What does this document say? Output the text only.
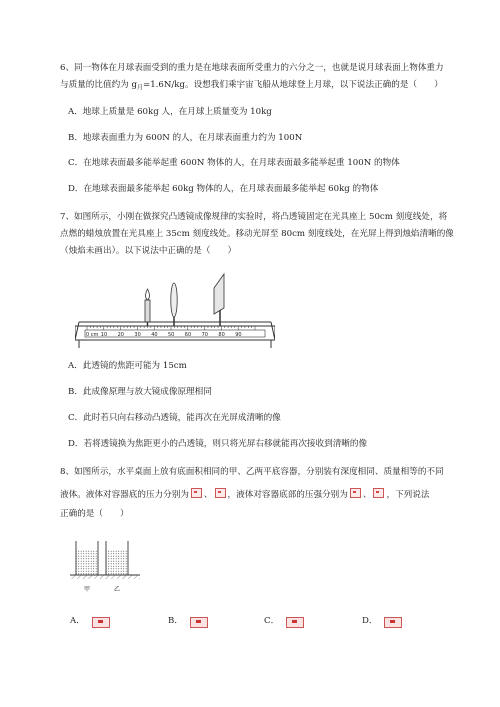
6、同一物体在月球表面受到的重力是在地球表面所受重力的六分之一，也就是说月球表面上物体重力
与质量的比值约为 $g_月=1.6N/kg$。设想我们乘宇宙飞船从地球登上月球，以下说法正确的是（　　）
A．地球上质量是 60kg 人，在月球上质量变为 10kg
B．地球表面重力为 600N 的人，在月球表面重力约为 100N
C．在地球表面最多能举起重 600N 物体的人，在月球表面最多能举起重 100N 的物体
D．在地球表面最多能举起 60kg 物体的人，在月球表面最多能举起 60kg 的物体
7、如图所示，小刚在做探究凸透镜成像规律的实验时，将凸透镜固定在光具座上 50cm 刻度线处，将
点燃的蜡烛放置在光具座上 35cm 刻度线处。移动光屏至 80cm 刻度线处，在光屏上得到烛焰清晰的像
（烛焰未画出）。以下说法中正确的是（　　）
0 cm 10 20 30 40 50 60 70 80 90
A．此透镜的焦距可能为 15cm
B．此成像原理与放大镜成像原理相同
C．此时若只向右移动凸透镜，能再次在光屏成清晰的像
D．若将透镜换为焦距更小的凸透镜，则只将光屏右移就能再次接收到清晰的像
8、如图所示，水平桌面上放有底面积相同的甲、乙两平底容器，分别装有深度相同、质量相等的不同
液体。液体对容器底的压力分别为 、 ，液体对容器底部的压强分别为 、 ，下列说法
正确的是（　　）
甲	乙
A．	B．	C．	D．
